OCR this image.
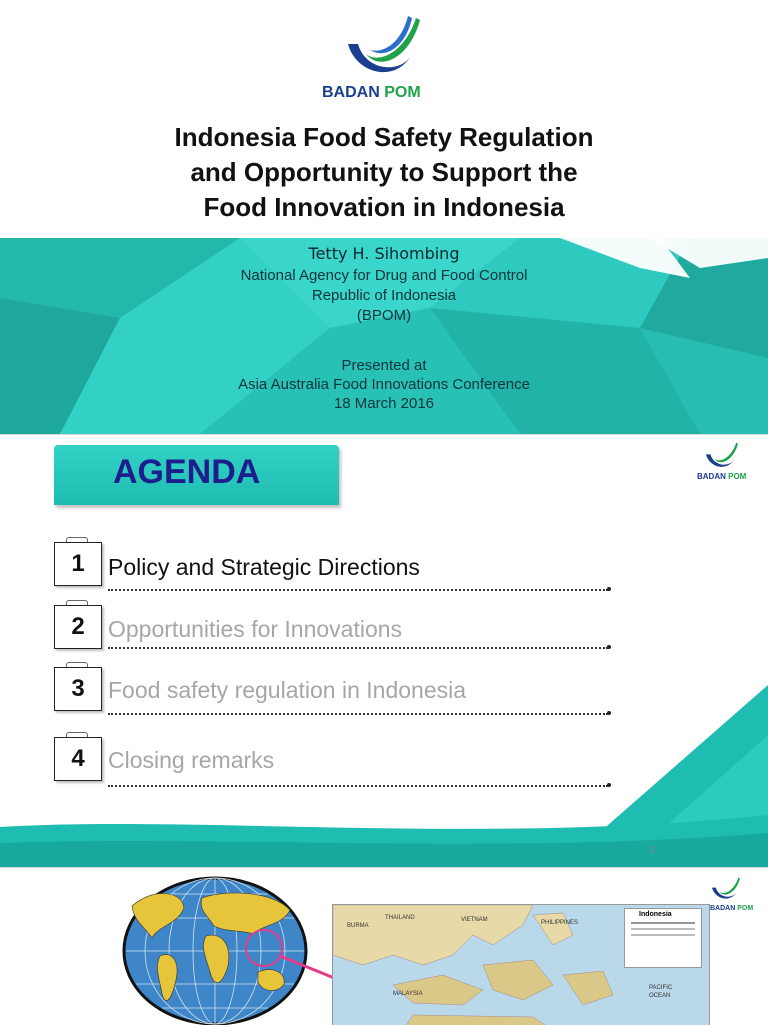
BADAN POM
Indonesia Food Safety Regulation
and Opportunity to Support the
Food Innovation in Indonesia
Tetty H. Sihombing
National Agency for Drug and Food Control
Republic of Indonesia
(BPOM)
Presented at
Asia Australia Food Innovations Conference
18 March 2016
AGENDA	BADAN POM
1	Policy and Strategic Directions
2	Opportunities for Innovations
3	Food safety regulation in Indonesia
4	Closing remarks
2
BURMA
THAILAND	VIETNAM	PHILIPPINES
MALAYSIA
PACIFIC
OCEAN
Indonesia
BADAN POM
